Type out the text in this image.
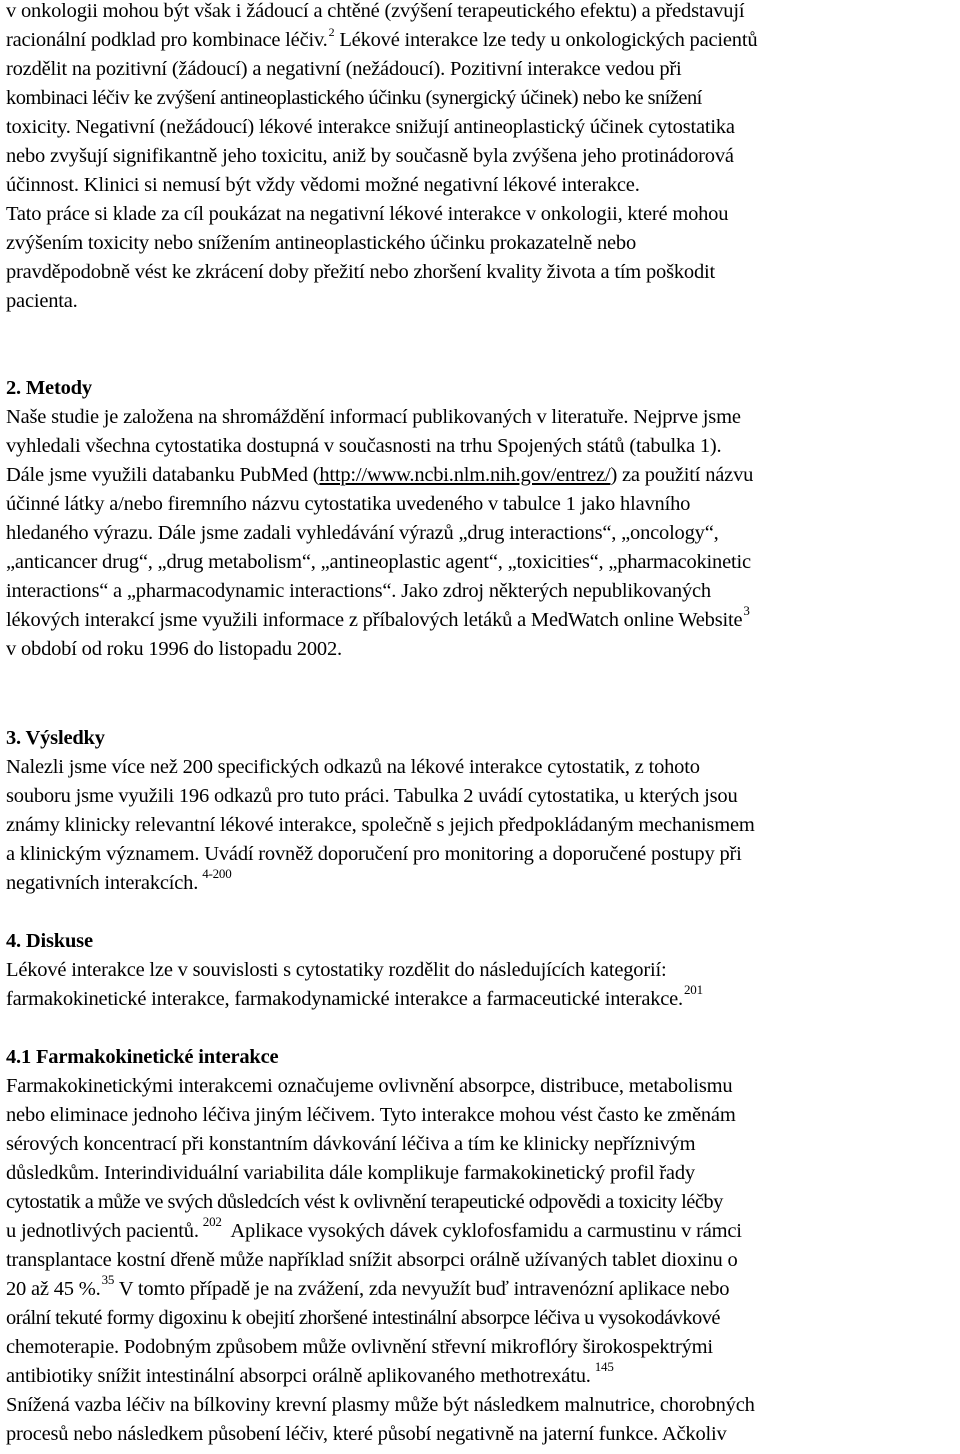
v onkologii mohou být však i žádoucí a chtěné (zvýšení terapeutického efektu) a představují

racionální podklad pro kombinace léčiv.$^2$ Lékové interakce lze tedy u onkologických pacientů

rozdělit na pozitivní (žádoucí) a negativní (nežádoucí). Pozitivní interakce vedou při

kombinaci léčiv ke zvýšení antineoplastického účinku (synergický účinek) nebo ke snížení

toxicity. Negativní (nežádoucí) lékové interakce snižují antineoplastický účinek cytostatika

nebo zvyšují signifikantně jeho toxicitu, aniž by současně byla zvýšena jeho protinádorová

účinnost. Klinici si nemusí být vždy vědomi možné negativní lékové interakce.

Tato práce si klade za cíl poukázat na negativní lékové interakce v onkologii, které mohou

zvýšením toxicity nebo snížením antineoplastického účinku prokazatelně nebo

pravděpodobně vést ke zkrácení doby přežití nebo zhoršení kvality života a tím poškodit

pacienta.

2. Metody

Naše studie je založena na shromáždění informací publikovaných v literatuře. Nejprve jsme

vyhledali všechna cytostatika dostupná v současnosti na trhu Spojených států (tabulka 1).

Dále jsme využili databanku PubMed (http://www.ncbi.nlm.nih.gov/entrez/) za použití názvu

účinné látky a/nebo firemního názvu cytostatika uvedeného v tabulce 1 jako hlavního

hledaného výrazu. Dále jsme zadali vyhledávání výrazů „drug interactions“, „oncology“,

„anticancer drug“, „drug metabolism“, „antineoplastic agent“, „toxicities“, „pharmacokinetic

interactions“ a „pharmacodynamic interactions“. Jako zdroj některých nepublikovaných

lékových interakcí jsme využili informace z příbalových letáků a MedWatch online Website$^3$

v období od roku 1996 do listopadu 2002.

3. Výsledky

Nalezli jsme více než 200 specifických odkazů na lékové interakce cytostatik, z tohoto

souboru jsme využili 196 odkazů pro tuto práci. Tabulka 2 uvádí cytostatika, u kterých jsou

známy klinicky relevantní lékové interakce, společně s jejich předpokládaným mechanismem

a klinickým významem. Uvádí rovněž doporučení pro monitoring a doporučené postupy při

negativních interakcích. $^{4-200}$

4. Diskuse

Lékové interakce lze v souvislosti s cytostatiky rozdělit do následujících kategorií:

farmakokinetické interakce, farmakodynamické interakce a farmaceutické interakce.$^{201}$

4.1 Farmakokinetické interakce

Farmakokinetickými interakcemi označujeme ovlivnění absorpce, distribuce, metabolismu

nebo eliminace jednoho léčiva jiným léčivem. Tyto interakce mohou vést často ke změnám

sérových koncentrací při konstantním dávkování léčiva a tím ke klinicky nepříznivým

důsledkům. Interindividuální variabilita dále komplikuje farmakokinetický profil řady

cytostatik a může ve svých důsledcích vést k ovlivnění terapeutické odpovědi a toxicity léčby

u jednotlivých pacientů. $^{202}$  Aplikace vysokých dávek cyklofosfamidu a carmustinu v rámci

transplantace kostní dřeně může například snížit absorpci orálně užívaných tablet dioxinu o

20 až 45 %.$^{35}$ V tomto případě je na zvážení, zda nevyužít buď intravenózní aplikace nebo

orální tekuté formy digoxinu k obejití zhoršené intestinální absorpce léčiva u vysokodávkové

chemoterapie. Podobným způsobem může ovlivnění střevní mikroflóry širokospektrými

antibiotiky snížit intestinální absorpci orálně aplikovaného methotrexátu. $^{145}$

Snížená vazba léčiv na bílkoviny krevní plasmy může být následkem malnutrice, chorobných

procesů nebo následkem působení léčiv, které působí negativně na jaterní funkce. Ačkoliv
